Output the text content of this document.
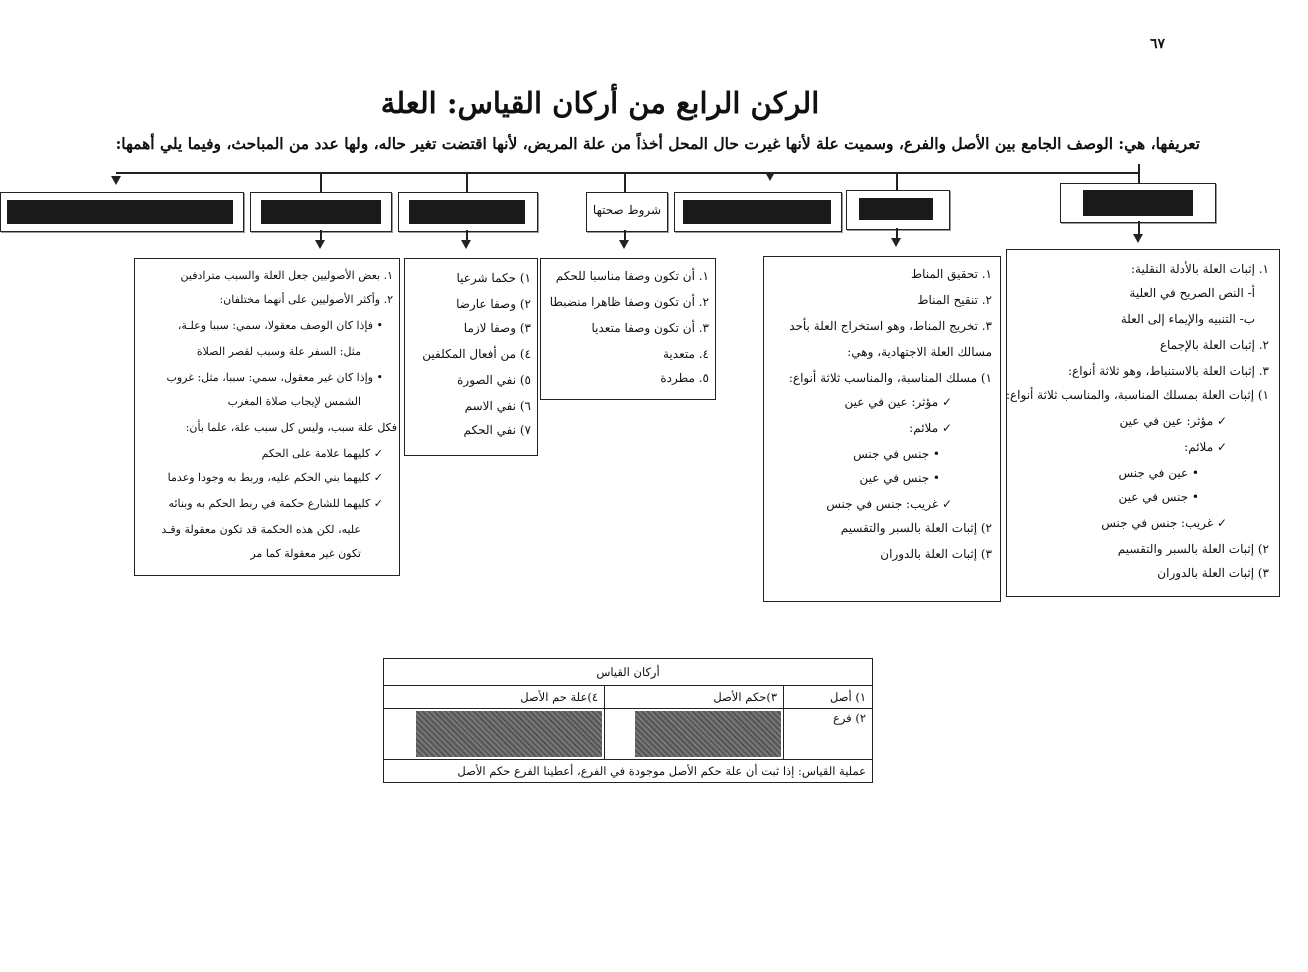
٦٧
الركن الرابع من أركان القياس: العلة
تعريفها، هي: الوصف الجامع بين الأصل والفرع، وسميت علة لأنها غيرت حال المحل أخذاً من علة المريض، لأنها اقتضت تغير حاله، ولها عدد من المباحث، وفيما يلي أهمها:
شروط صحتها
١. إثبات العلة بالأدلة النقلية:
أ- النص الصريح في العلية
ب- التنبيه والإيماء إلى العلة
٢. إثبات العلة بالإجماع
٣. إثبات العلة بالاستنباط، وهو ثلاثة أنواع:
١) إثبات العلة بمسلك المناسبة، والمناسب ثلاثة أنواع:
✓ مؤثر: عين في عين
✓ ملائم:
• عين في جنس
• جنس في عين
✓ غريب: جنس في جنس
٢) إثبات العلة بالسبر والتقسيم
٣) إثبات العلة بالدوران
١. تحقيق المناط
٢. تنقيح المناط
٣. تخريج المناط، وهو استخراج العلة بأحد
مسالك العلة الاجتهادية، وهي:
١) مسلك المناسبة، والمناسب ثلاثة أنواع:
✓ مؤثر: عين في عين
✓ ملائم:
• جنس في جنس
• جنس في عين
✓ غريب: جنس في جنس
٢) إثبات العلة بالسبر والتقسيم
٣) إثبات العلة بالدوران
١. أن تكون وصفا مناسبا للحكم
٢. أن تكون وصفا ظاهرا منضبطا
٣. أن تكون وصفا متعديا
٤. متعدية
٥. مطردة
١) حكما شرعيا
٢) وصفا عارضا
٣) وصفا لازما
٤) من أفعال المكلفين
٥) نفي الصورة
٦) نفي الاسم
٧) نفي الحكم
١. بعض الأصوليين جعل العلة والسبب مترادفين
٢. وأكثر الأصوليين على أنهما مختلفان:
• فإذا كان الوصف معقولا، سمي: سببا وعلـة،
مثل: السفر علة وسبب لقصر الصلاة
• وإذا كان غير معقول، سمي: سببا، مثل: غروب
الشمس لإيجاب صلاة المغرب
فكل علة سبب، وليس كل سبب علة، علما بأن:
✓ كليهما علامة على الحكم
✓ كليهما بني الحكم عليه، وربط به وجودا وعدما
✓ كليهما للشارع حكمة في ربط الحكم به وبنائه
عليه، لكن هذه الحكمة قد تكون معقولة وقـد
تكون غير معقولة كما مر
أركان القياس		
١) أصل	٣)حكم الأصل	٤)علة حم الأصل
٢) فرع	

عملية القياس: إذا ثبت أن علة حكم الأصل موجودة في الفرع، أعطينا الفرع حكم الأصل		
